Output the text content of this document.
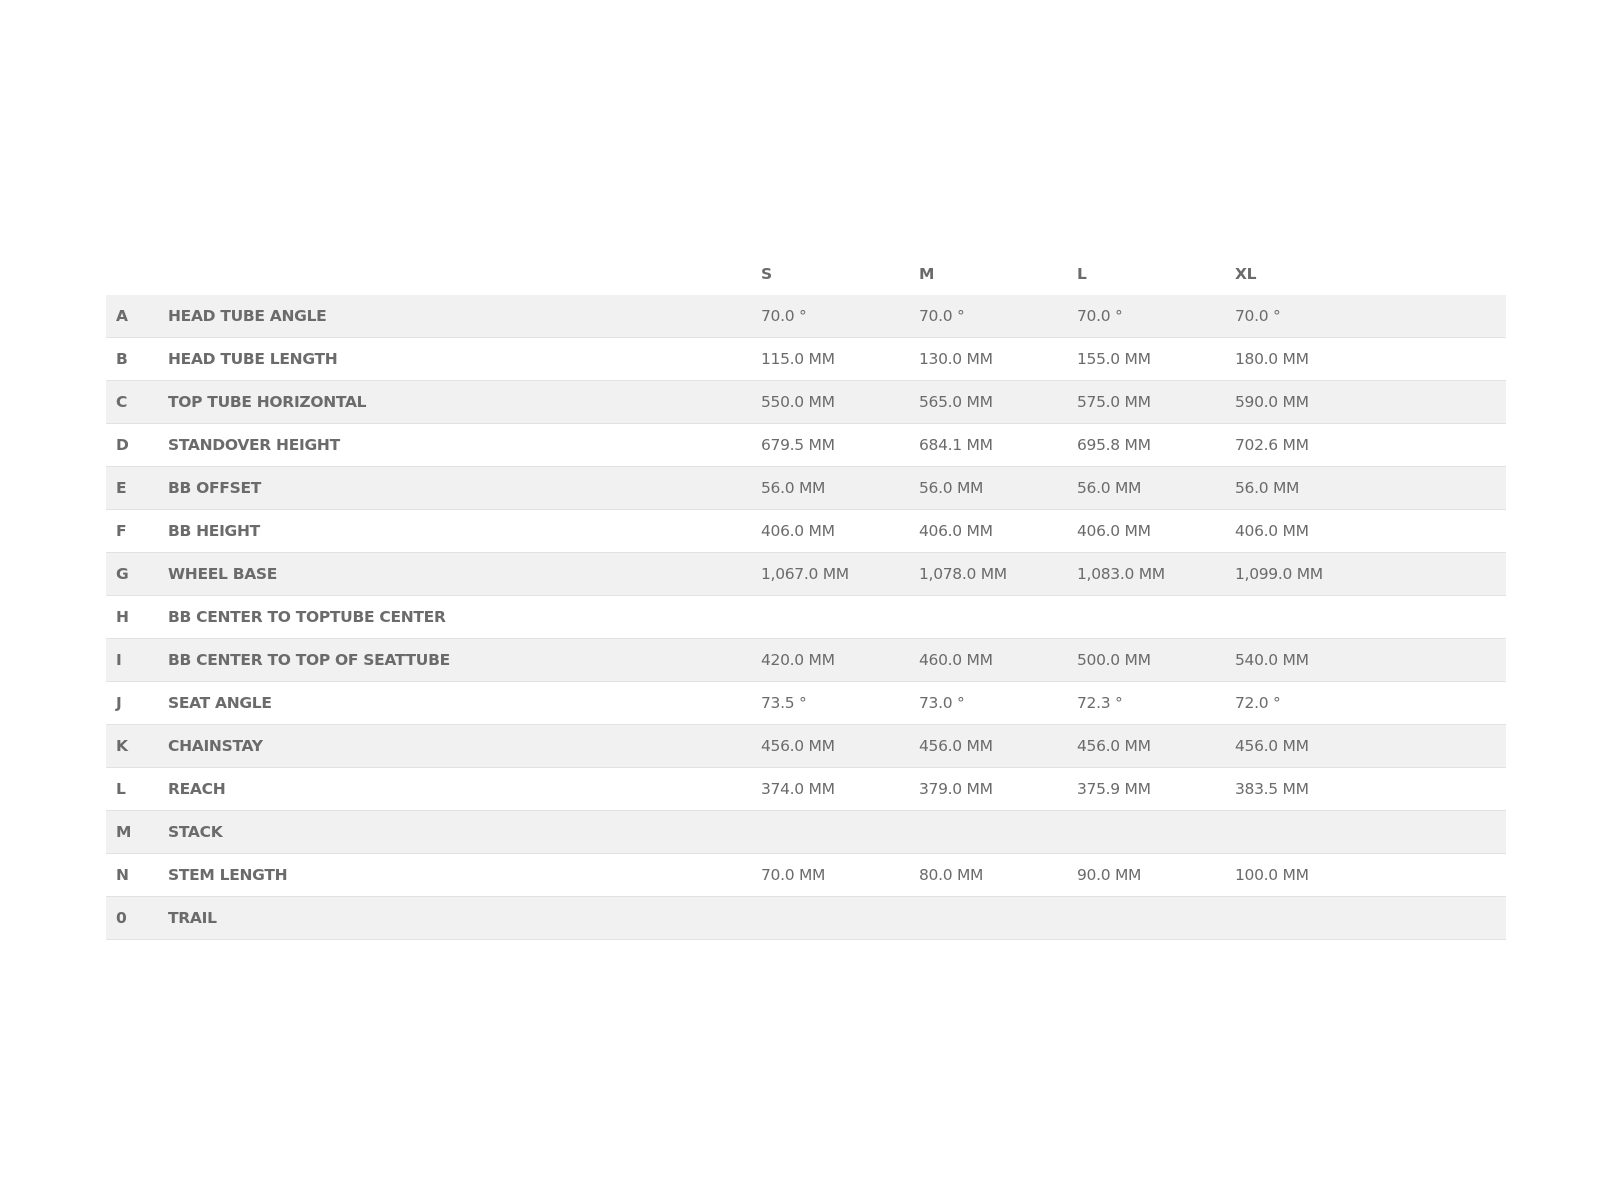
S	M	L	XL
A	HEAD TUBE ANGLE	70.0 °	70.0 °	70.0 °	70.0 °
B	HEAD TUBE LENGTH	115.0 MM	130.0 MM	155.0 MM	180.0 MM
C	TOP TUBE HORIZONTAL	550.0 MM	565.0 MM	575.0 MM	590.0 MM
D	STANDOVER HEIGHT	679.5 MM	684.1 MM	695.8 MM	702.6 MM
E	BB OFFSET	56.0 MM	56.0 MM	56.0 MM	56.0 MM
F	BB HEIGHT	406.0 MM	406.0 MM	406.0 MM	406.0 MM
G	WHEEL BASE	1,067.0 MM	1,078.0 MM	1,083.0 MM	1,099.0 MM
H	BB CENTER TO TOPTUBE CENTER
I	BB CENTER TO TOP OF SEATTUBE	420.0 MM	460.0 MM	500.0 MM	540.0 MM
J	SEAT ANGLE	73.5 °	73.0 °	72.3 °	72.0 °
K	CHAINSTAY	456.0 MM	456.0 MM	456.0 MM	456.0 MM
L	REACH	374.0 MM	379.0 MM	375.9 MM	383.5 MM
M	STACK
N	STEM LENGTH	70.0 MM	80.0 MM	90.0 MM	100.0 MM
0	TRAIL
